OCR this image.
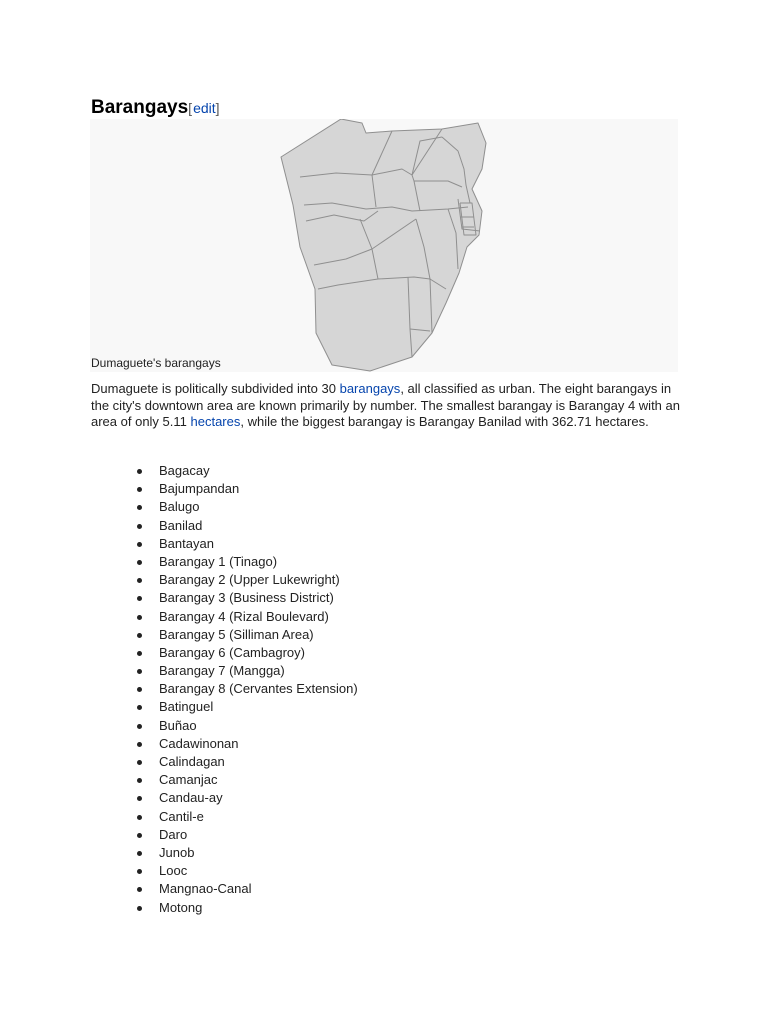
Barangays [ edit ]
Dumaguete's barangays

Dumaguete is politically subdivided into 30 barangays, all classified as urban. The eight barangays in the city's downtown area are known primarily by number. The smallest barangay is Barangay 4 with an area of only 5.11 hectares, while the biggest barangay is Barangay Banilad with 362.71 hectares.

Bagacay
Bajumpandan
Balugo
Banilad
Bantayan
Barangay 1 (Tinago)
Barangay 2 (Upper Lukewright)
Barangay 3 (Business District)
Barangay 4 (Rizal Boulevard)
Barangay 5 (Silliman Area)
Barangay 6 (Cambagroy)
Barangay 7 (Mangga)
Barangay 8 (Cervantes Extension)
Batinguel
Buñao
Cadawinonan
Calindagan
Camanjac
Candau-ay
Cantil-e
Daro
Junob
Looc
Mangnao-Canal
Motong
